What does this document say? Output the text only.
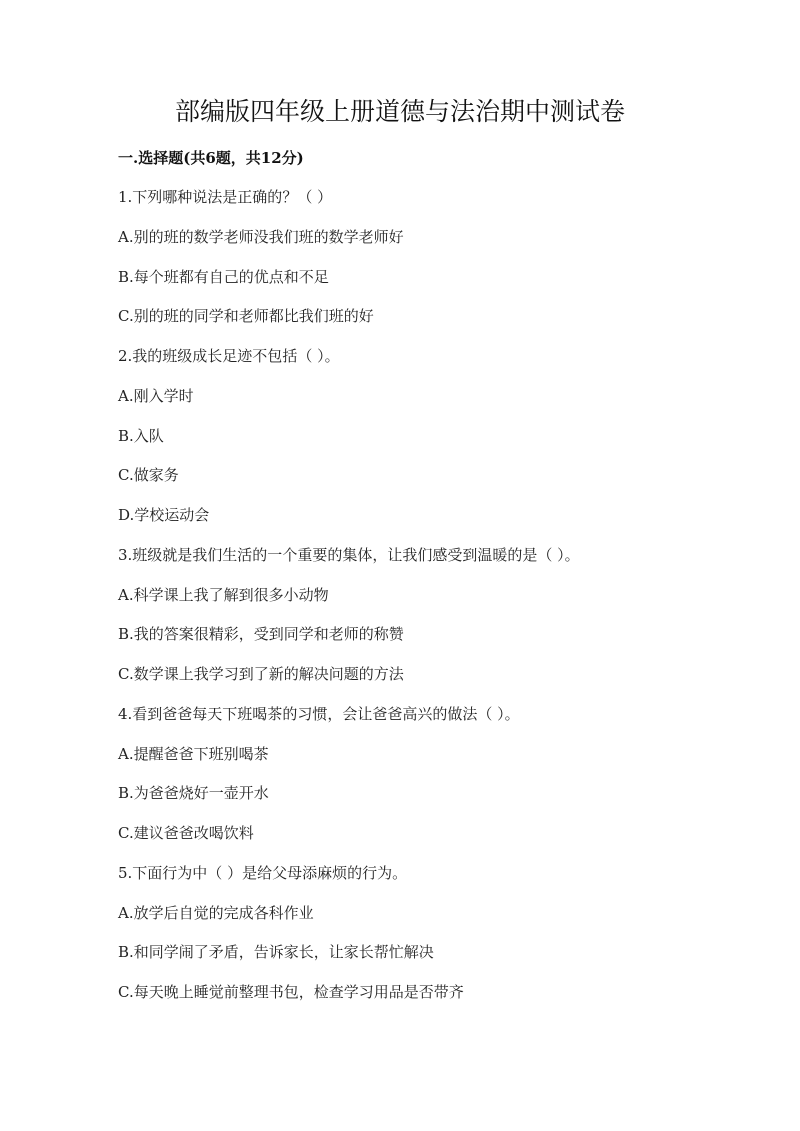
部编版四年级上册道德与法治期中测试卷
一.选择题(共6题，共12分)
1.下列哪种说法是正确的？（ ）
A.别的班的数学老师没我们班的数学老师好
B.每个班都有自己的优点和不足
C.别的班的同学和老师都比我们班的好
2.我的班级成长足迹不包括（ ）。
A.刚入学时
B.入队
C.做家务
D.学校运动会
3.班级就是我们生活的一个重要的集体，让我们感受到温暖的是（ ）。
A.科学课上我了解到很多小动物
B.我的答案很精彩，受到同学和老师的称赞
C.数学课上我学习到了新的解决问题的方法
4.看到爸爸每天下班喝茶的习惯，会让爸爸高兴的做法（ ）。
A.提醒爸爸下班别喝茶
B.为爸爸烧好一壶开水
C.建议爸爸改喝饮料
5.下面行为中（ ）是给父母添麻烦的行为。
A.放学后自觉的完成各科作业
B.和同学闹了矛盾，告诉家长，让家长帮忙解决
C.每天晚上睡觉前整理书包，检查学习用品是否带齐
